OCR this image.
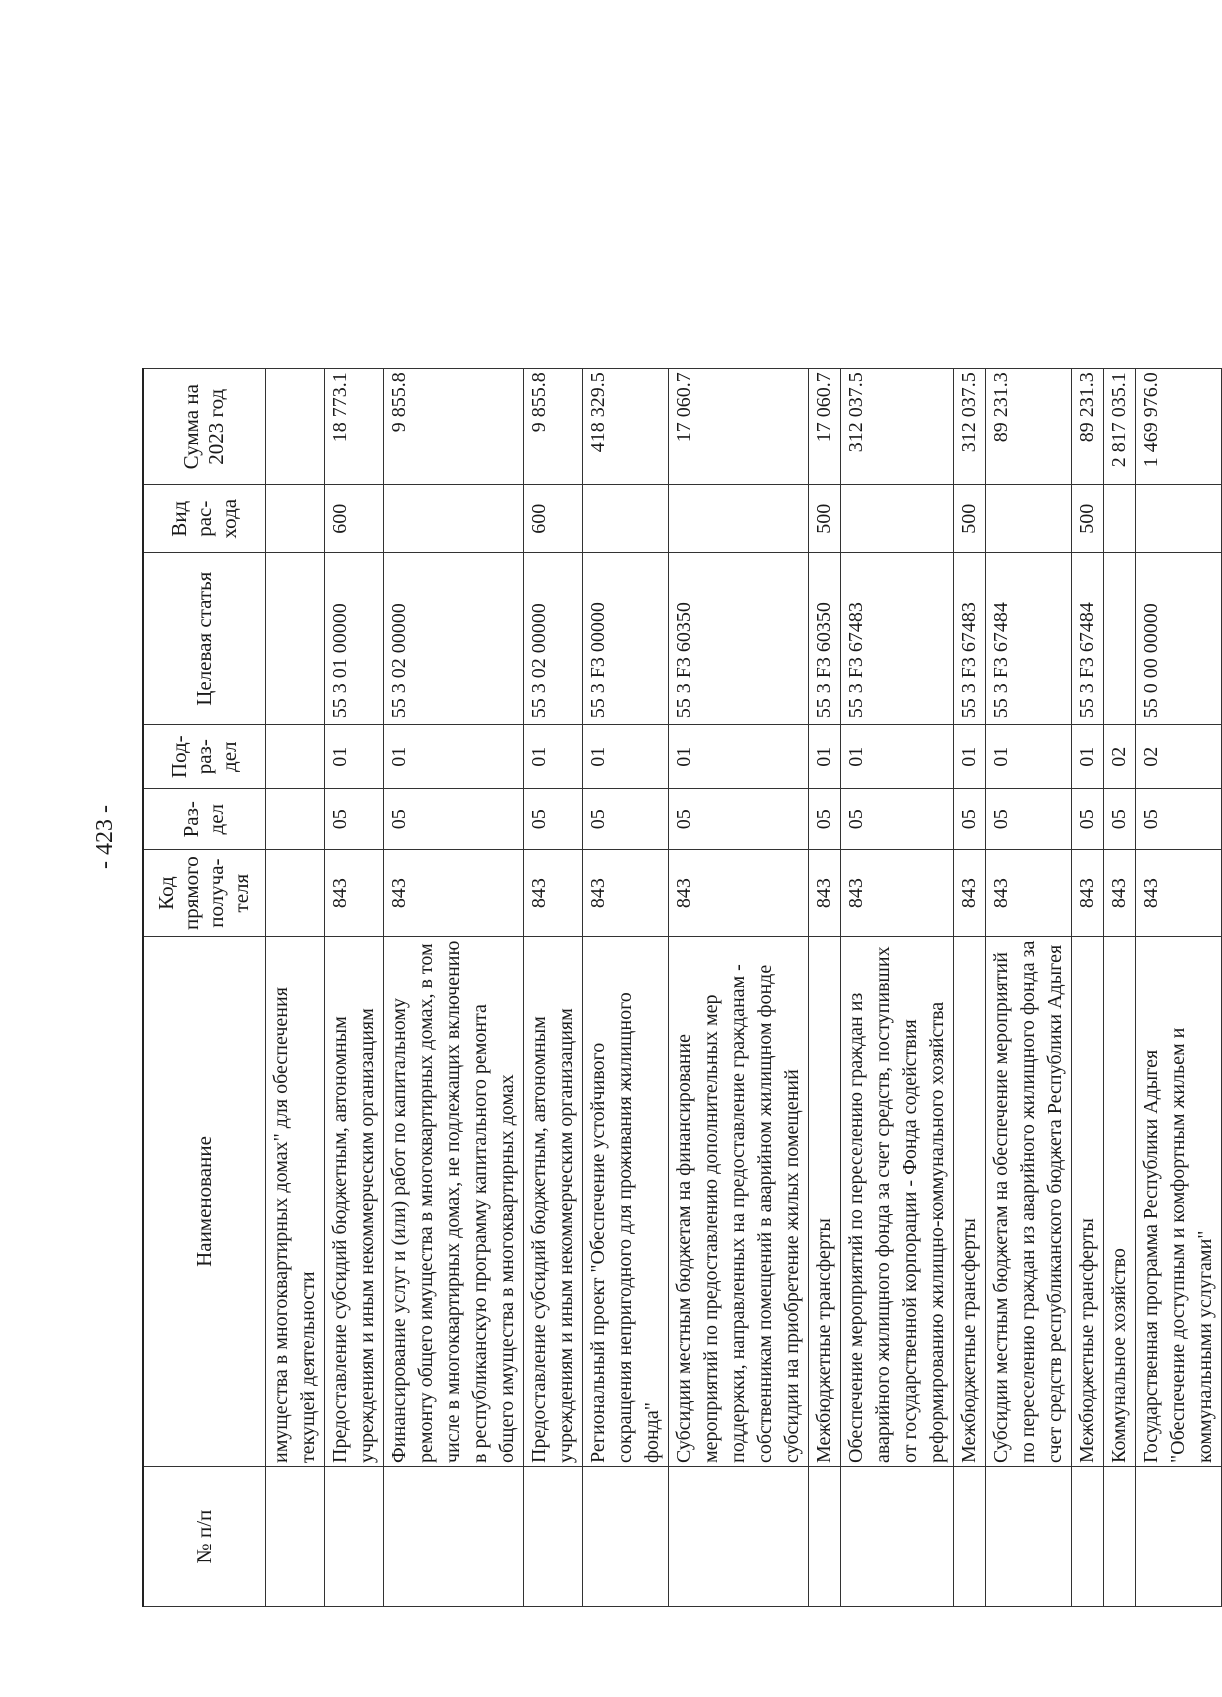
- 423 -
№ п/п	Наименование	Код прямого получа-теля	Раз-дел	Под-раз-дел	Целевая статья	Вид рас-хода	Сумма на 2023 год
	имущества в многоквартирных домах" для обеспечения текущей деятельности						
	Предоставление субсидий бюджетным, автономным учреждениям и иным некоммерческим организациям	843	05	01	55 3 01 00000	600	18 773.1
	Финансирование услуг и (или) работ по капитальному ремонту общего имущества в многоквартирных домах, в том числе в многоквартирных домах, не подлежащих включению в республиканскую программу капитального ремонта общего имущества в многоквартирных домах	843	05	01	55 3 02 00000		9 855.8
	Предоставление субсидий бюджетным, автономным учреждениям и иным некоммерческим организациям	843	05	01	55 3 02 00000	600	9 855.8
	Региональный проект "Обеспечение устойчивого сокращения непригодного для проживания жилищного фонда"	843	05	01	55 3 F3 00000		418 329.5
	Субсидии местным бюджетам на финансирование мероприятий по предоставлению дополнительных мер поддержки, направленных на предоставление гражданам - собственникам помещений в аварийном жилищном фонде субсидии на приобретение жилых помещений	843	05	01	55 3 F3 60350		17 060.7
	Межбюджетные трансферты	843	05	01	55 3 F3 60350	500	17 060.7
	Обеспечение мероприятий по переселению граждан из аварийного жилищного фонда за счет средств, поступивших от государственной корпорации - Фонда содействия реформированию жилищно-коммунального хозяйства	843	05	01	55 3 F3 67483		312 037.5
	Межбюджетные трансферты	843	05	01	55 3 F3 67483	500	312 037.5
	Субсидии местным бюджетам на обеспечение мероприятий по переселению граждан из аварийного жилищного фонда за счет средств республиканского бюджета Республики Адыгея	843	05	01	55 3 F3 67484		89 231.3
	Межбюджетные трансферты	843	05	01	55 3 F3 67484	500	89 231.3
	Коммунальное хозяйство	843	05	02			2 817 035.1
	Государственная программа Республики Адыгея "Обеспечение доступным и комфортным жильем и коммунальными услугами"	843	05	02	55 0 00 00000		1 469 976.0
